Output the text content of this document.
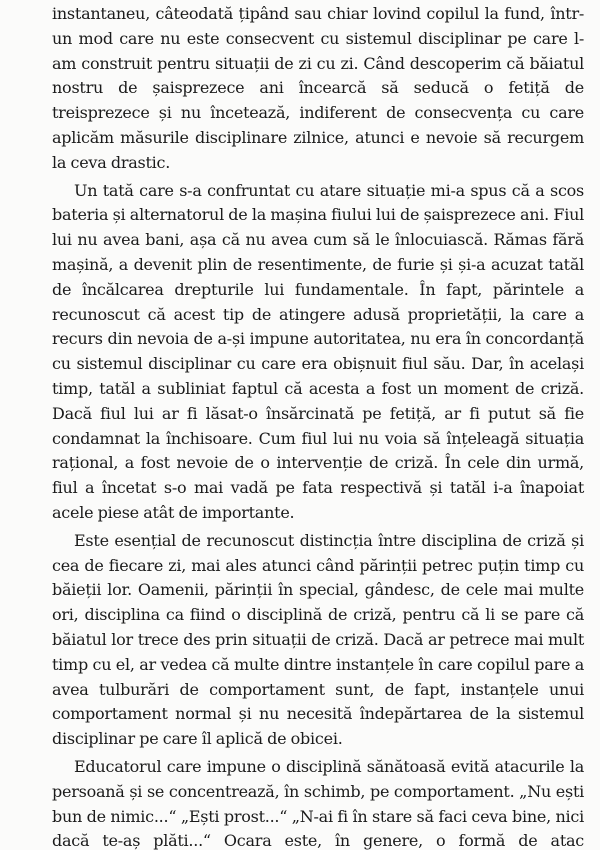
instantaneu, câteodată țipând sau chiar lovind copilul la fund, într-un mod care nu este consecvent cu sistemul disciplinar pe care l-am construit pentru situații de zi cu zi. Când descoperim că băiatul nostru de șaisprezece ani încearcă să seducă o fetiță de treisprezece și nu încetează, indiferent de consecvența cu care aplicăm măsurile disciplinare zilnice, atunci e nevoie să recurgem la ceva drastic.

Un tată care s-a confruntat cu atare situație mi-a spus că a scos bateria și alternatorul de la mașina fiului lui de șaisprezece ani. Fiul lui nu avea bani, așa că nu avea cum să le înlocuiască. Rămas fără mașină, a devenit plin de resentimente, de furie și și-a acuzat tatăl de încălcarea drepturile lui fundamentale. În fapt, părintele a recunoscut că acest tip de atingere adusă proprietății, la care a recurs din nevoia de a-și impune autoritatea, nu era în concordanță cu sistemul disciplinar cu care era obișnuit fiul său. Dar, în același timp, tatăl a subliniat faptul că acesta a fost un moment de criză. Dacă fiul lui ar fi lăsat-o însărcinată pe fetiță, ar fi putut să fie condamnat la închisoare. Cum fiul lui nu voia să înțeleagă situația rațional, a fost nevoie de o intervenție de criză. În cele din urmă, fiul a încetat s-o mai vadă pe fata respectivă și tatăl i-a înapoiat acele piese atât de importante.

Este esențial de recunoscut distincția între disciplina de criză și cea de fiecare zi, mai ales atunci când părinții petrec puțin timp cu băieții lor. Oamenii, părinții în special, gândesc, de cele mai multe ori, disciplina ca fiind o disciplină de criză, pentru că li se pare că băiatul lor trece des prin situații de criză. Dacă ar petrece mai mult timp cu el, ar vedea că multe dintre instanțele în care copilul pare a avea tulburări de comportament sunt, de fapt, instanțele unui comportament normal și nu necesită îndepărtarea de la sistemul disciplinar pe care îl aplică de obicei.

Educatorul care impune o disciplină sănătoasă evită atacurile la persoană și se concentrează, în schimb, pe comportament. „Nu ești bun de nimic...“ „Ești prost...“ „N-ai fi în stare să faci ceva bine, nici dacă te-aș plăti...“ Ocara este, în genere, o formă de atac
